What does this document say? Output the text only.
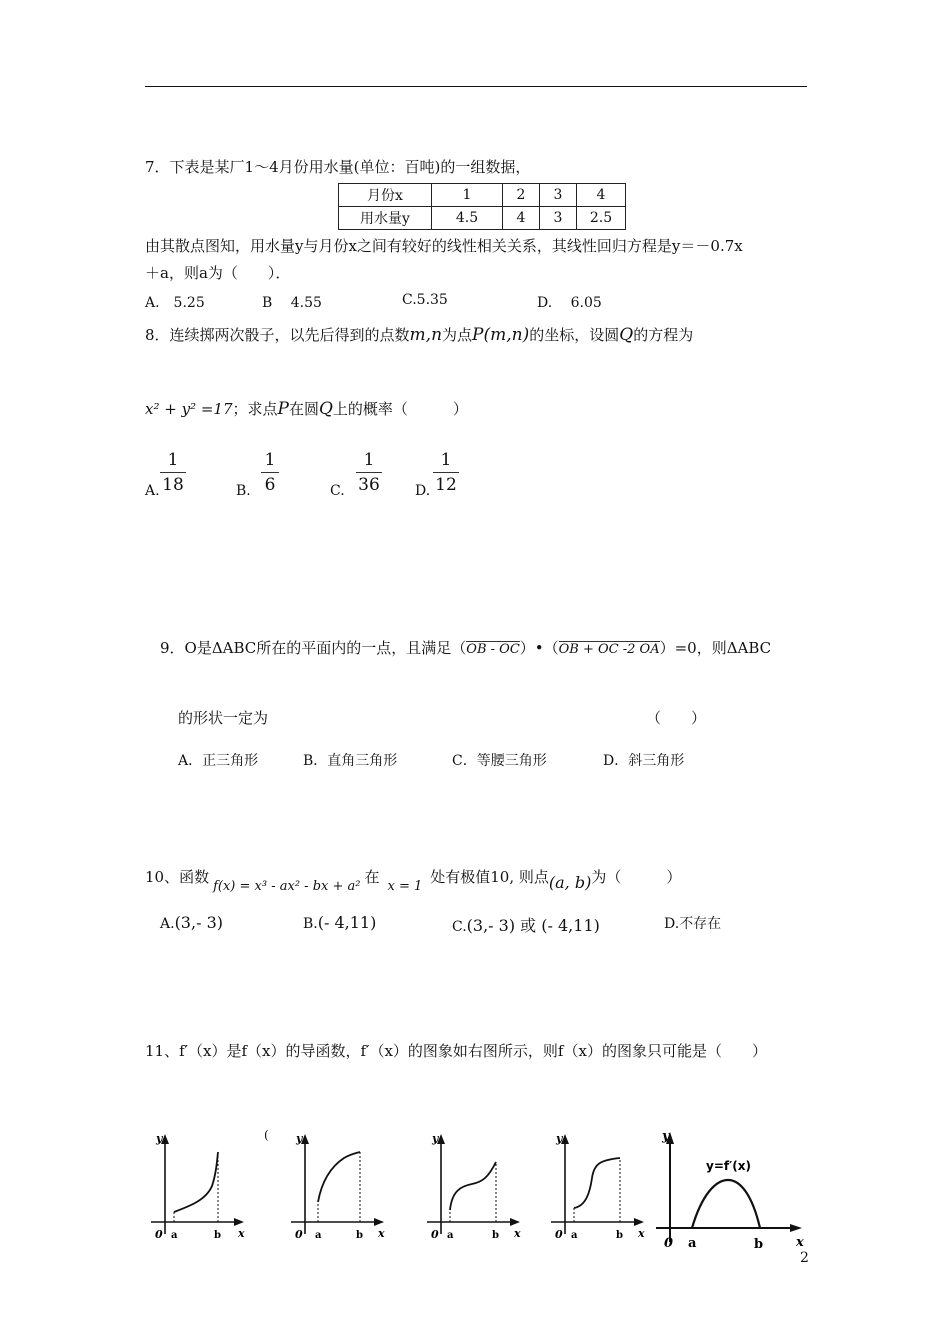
7．下表是某厂1～4月份用水量(单位：百吨)的一组数据，
月份x	1	2	3	4
用水量y	4.5	4	3	2.5
由其散点图知，用水量y与月份x之间有较好的线性相关关系，其线性回归方程是y＝－0.7x
＋a，则a为（　　）．
A.　5.25	B　 4.55	C.5.35	D.　 6.05
8．连续掷两次骰子，以先后得到的点数m,n为点P(m,n)的坐标，设圆Q的方程为
x² + y² =17；求点P在圆Q上的概率（　　　）
A.
1
18	B.
1
6	C.
1
36	D.
1
12
9．O是ΔABC所在的平面内的一点，且满足（OB - OC）•（OB + OC -2 OA）=0，则ΔABC
的形状一定为	（　　）
A．正三角形	B．直角三角形	C．等腰三角形	D．斜三角形
10、函数f(x) = x³ - ax² - bx + a²在x = 1处有极值10, 则点(a, b)为（　　　）
A.(3,- 3)	B.(- 4,11)	C.(3,- 3) 或 (- 4,11)	D.不存在
11、f′（x）是f（x）的导函数，f′（x）的图象如右图所示，则f（x）的图象只可能是（　　）
y
x
0 a	b
( y
x
0 a	b
y
x
0 a	b
y
x
0 a	b
y
x
0 a	b
y=f′(x)
2
